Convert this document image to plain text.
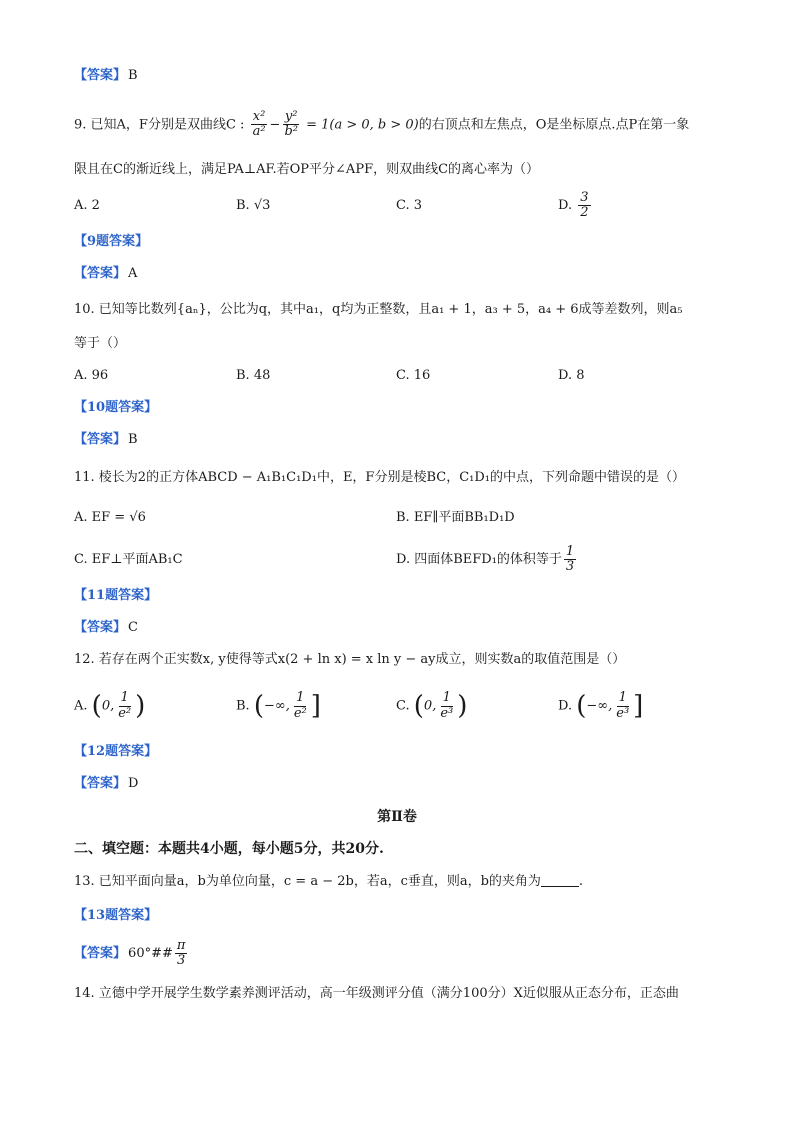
【答案】 B
9. 已知A，F分别是双曲线C : $\frac{\text{x²}}{\text{a²}} - \frac{\text{y²}}{\text{b²}} = 1(a > 0$, b > 0)的右顶点和左焦点，O是坐标原点.点P在第一象
限且在C的渐近线上，满足PA⊥AF.若OP平分∠APF，则双曲线C的离心率为（）
A. 2	B. √3	C. 3	D. $\frac{3}{2}$
【9题答案】
【答案】 A
10. 已知等比数列{aₙ}，公比为q，其中a₁，q均为正整数，且a₁ + 1，a₃ + 5，a₄ + 6成等差数列，则a₅
等于（）
A. 96	B. 48	C. 16	D. 8
【10题答案】
【答案】 B
11. 棱长为2的正方体ABCD − A₁B₁C₁D₁中，E，F分别是棱BC，C₁D₁的中点，下列命题中错误的是（）
A. EF = √6	B. EF∥平面BB₁D₁D
C. EF⊥平面AB₁C	D. 四面体BEFD₁的体积等于 $\frac{1}{3}$
【11题答案】
【答案】 C
12. 若存在两个正实数x, y使得等式x(2 + ln x) = x ln y − ay成立，则实数a的取值范围是（）
A. (0, $\frac{1}{\text{e²}}$ )	B. (−∞, $\frac{1}{\text{e²}}$ ]	C. (0, $\frac{1}{\text{e³}}$ )	D. (−∞, $\frac{1}{\text{e³}}$ ]
【12题答案】
【答案】 D
第Ⅱ卷
二、填空题：本题共4小题，每小题5分，共20分.
13. 已知平面向量a，b为单位向量，c = a − 2b，若a，c垂直，则a，b的夹角为	.
【13题答案】
【答案】 60°## $\frac{\pi}{3}$
14. 立德中学开展学生数学素养测评活动，高一年级测评分值（满分100分）X近似服从正态分布，正态曲
